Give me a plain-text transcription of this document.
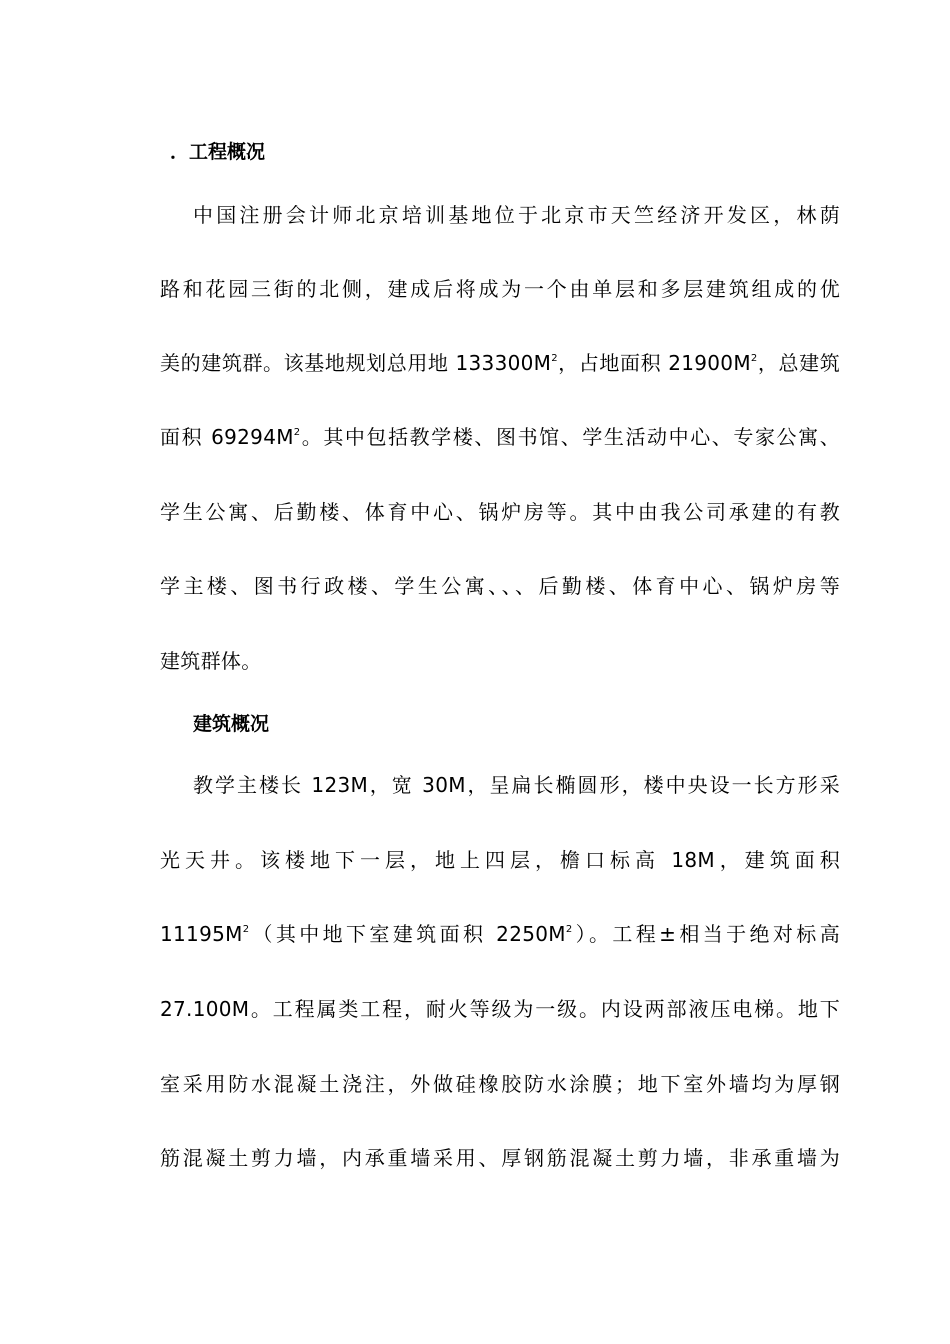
．工程概况
中国注册会计师北京培训基地位于北京市天竺经济开发区，林荫
路和花园三街的北侧，建成后将成为一个由单层和多层建筑组成的优
美的建筑群。该基地规划总用地 $133300M^2$，占地面积 $21900M^2$，总建筑
面积 $69294M^2$。其中包括教学楼、图书馆、学生活动中心、专家公寓、
学生公寓、后勤楼、体育中心、锅炉房等。其中由我公司承建的有教
学主楼、图书行政楼、学生公寓、、、后勤楼、体育中心、锅炉房等
建筑群体。
建筑概况
教学主楼长 123M，宽 30M，呈扁长椭圆形，楼中央设一长方形采
光天井。该楼地下一层，地上四层，檐口标高 18M，建筑面积
$11195M^2$（其中地下室建筑面积 $2250M^2$）。工程±相当于绝对标高
27.100M。工程属类工程，耐火等级为一级。内设两部液压电梯。地下
室采用防水混凝土浇注，外做硅橡胶防水涂膜；地下室外墙均为厚钢
筋混凝土剪力墙，内承重墙采用、厚钢筋混凝土剪力墙，非承重墙为
